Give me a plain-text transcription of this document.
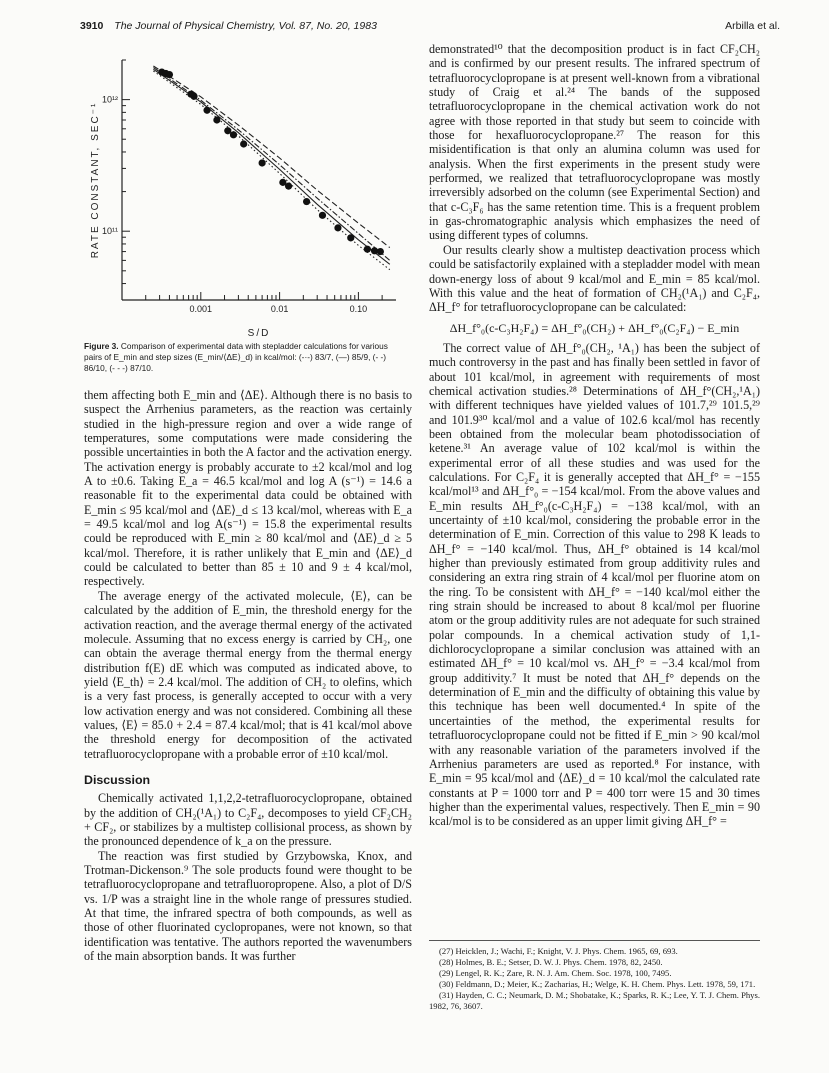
3910 The Journal of Physical Chemistry, Vol. 87, No. 20, 1983	Arbilla et al.
0.001	0.01	0.10
10¹²
10¹¹
S/D
RATE CONSTANT, SEC⁻¹
Figure 3. Comparison of experimental data with stepladder calculations for various pairs of E_min and step sizes (E_min/⟨ΔE⟩_d) in kcal/mol: (-·-) 83/7, (—) 85/9, (- -) 86/10, (- - -) 87/10.

them affecting both E_min and ⟨ΔE⟩. Although there is no basis to suspect the Arrhenius parameters, as the reaction was certainly studied in the high-pressure region and over a wide range of temperatures, some computations were made considering the possible uncertainties in both the A factor and the activation energy. The activation energy is probably accurate to ±2 kcal/mol and log A to ±0.6. Taking E_a = 46.5 kcal/mol and log A (s⁻¹) = 14.6 a reasonable fit to the experimental data could be obtained with E_min ≤ 95 kcal/mol and ⟨ΔE⟩_d ≤ 13 kcal/mol, whereas with E_a = 49.5 kcal/mol and log A(s⁻¹) = 15.8 the experimental results could be reproduced with E_min ≥ 80 kcal/mol and ⟨ΔE⟩_d ≥ 5 kcal/mol. Therefore, it is rather unlikely that E_min and ⟨ΔE⟩_d could be calculated to better than 85 ± 10 and 9 ± 4 kcal/mol, respectively.

The average energy of the activated molecule, ⟨E⟩, can be calculated by the addition of E_min, the threshold energy for the activation reaction, and the average thermal energy of the activated molecule. Assuming that no excess energy is carried by CH₂, one can obtain the average thermal energy from the thermal energy distribution f(E) dE which was computed as indicated above, to yield ⟨E_th⟩ = 2.4 kcal/mol. The addition of CH₂ to olefins, which is a very fast process, is generally accepted to occur with a very low activation energy and was not considered. Combining all these values, ⟨E⟩ = 85.0 + 2.4 = 87.4 kcal/mol; that is 41 kcal/mol above the threshold energy for decomposition of the activated tetrafluorocyclopropane with a probable error of ±10 kcal/mol.

Discussion

Chemically activated 1,1,2,2-tetrafluorocyclopropane, obtained by the addition of CH₂(¹A₁) to C₂F₄, decomposes to yield CF₂CH₂ + CF₂, or stabilizes by a multistep collisional process, as shown by the pronounced dependence of k_a on the pressure.

The reaction was first studied by Grzybowska, Knox, and Trotman-Dickenson.⁹ The sole products found were thought to be tetrafluorocyclopropane and tetrafluoropropene. Also, a plot of D/S vs. 1/P was a straight line in the whole range of pressures studied. At that time, the infrared spectra of both compounds, as well as those of other fluorinated cyclopropanes, were not known, so that identification was tentative. The authors reported the wavenumbers of the main absorption bands. It was further

demonstrated¹⁰ that the decomposition product is in fact CF₂CH₂ and is confirmed by our present results. The infrared spectrum of tetrafluorocyclopropane is at present well-known from a vibrational study of Craig et al.²⁴ The bands of the supposed tetrafluorocyclopropane in the chemical activation work do not agree with those reported in that study but seem to coincide with those for hexafluorocyclopropane.²⁷ The reason for this misidentification is that only an alumina column was used for analysis. When the first experiments in the present study were performed, we realized that tetrafluorocyclopropane was mostly irreversibly adsorbed on the column (see Experimental Section) and that c-C₃F₆ has the same retention time. This is a frequent problem in gas-chromatographic analysis which emphasizes the need of using different types of columns.

Our results clearly show a multistep deactivation process which could be satisfactorily explained with a stepladder model with mean down-energy loss of about 9 kcal/mol and E_min = 85 kcal/mol. With this value and the heat of formation of CH₂(¹A₁) and C₂F₄, ΔH_f° for tetrafluorocyclopropane can be calculated:

ΔH_f°₀(c-C₃H₂F₄) = ΔH_f°₀(CH₂) + ΔH_f°₀(C₂F₄) − E_min

The correct value of ΔH_f°₀(CH₂, ¹A₁) has been the subject of much controversy in the past and has finally been settled in favor of about 101 kcal/mol, in agreement with requirements of most chemical activation studies.²⁸ Determinations of ΔH_f°(CH₂,¹A₁) with different techniques have yielded values of 101.7,²⁹ 101.5,²⁹ and 101.9³⁰ kcal/mol and a value of 102.6 kcal/mol has recently been obtained from the molecular beam photodissociation of ketene.³¹ An average value of 102 kcal/mol is within the experimental error of all these studies and was used for the calculations. For C₂F₄ it is generally accepted that ΔH_f° = −155 kcal/mol¹³ and ΔH_f°₀ = −154 kcal/mol. From the above values and E_min results ΔH_f°₀(c-C₃H₂F₄) = −138 kcal/mol, with an uncertainty of ±10 kcal/mol, considering the probable error in the determination of E_min. Correction of this value to 298 K leads to ΔH_f° = −140 kcal/mol. Thus, ΔH_f° obtained is 14 kcal/mol higher than previously estimated from group additivity rules and considering an extra ring strain of 4 kcal/mol per fluorine atom on the ring. To be consistent with ΔH_f° = −140 kcal/mol either the ring strain should be increased to about 8 kcal/mol per fluorine atom or the group additivity rules are not adequate for such strained polar compounds. In a chemical activation study of 1,1-dichlorocyclopropane a similar conclusion was attained with an estimated ΔH_f° = 10 kcal/mol vs. ΔH_f° = −3.4 kcal/mol from group additivity.⁷ It must be noted that ΔH_f° depends on the determination of E_min and the difficulty of obtaining this value by this technique has been well documented.⁴ In spite of the uncertainties of the method, the experimental results for tetrafluorocyclopropane could not be fitted if E_min > 90 kcal/mol with any reasonable variation of the parameters involved if the Arrhenius parameters are used as reported.⁸ For instance, with E_min = 95 kcal/mol and ⟨ΔE⟩_d = 10 kcal/mol the calculated rate constants at P = 1000 torr and P = 400 torr were 15 and 30 times higher than the experimental values, respectively. Then E_min = 90 kcal/mol is to be considered as an upper limit giving ΔH_f° =

(27) Heicklen, J.; Wachi, F.; Knight, V. J. Phys. Chem. 1965, 69, 693.
(28) Holmes, B. E.; Setser, D. W. J. Phys. Chem. 1978, 82, 2450.
(29) Lengel, R. K.; Zare, R. N. J. Am. Chem. Soc. 1978, 100, 7495.
(30) Feldmann, D.; Meier, K.; Zacharias, H.; Welge, K. H. Chem. Phys. Lett. 1978, 59, 171.
(31) Hayden, C. C.; Neumark, D. M.; Shobatake, K.; Sparks, R. K.; Lee, Y. T. J. Chem. Phys. 1982, 76, 3607.
